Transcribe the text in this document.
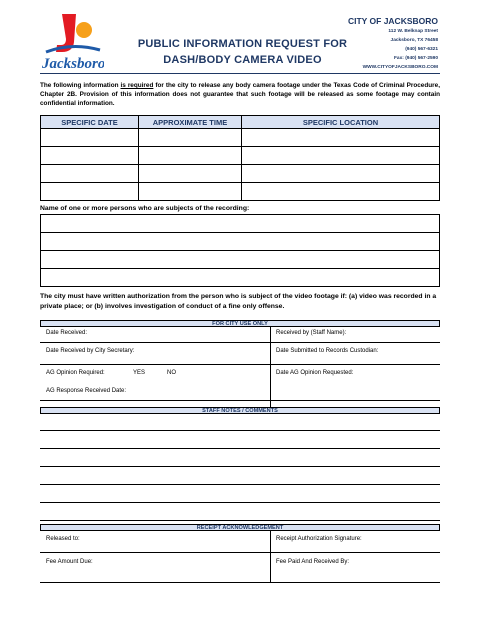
Jacksboro
PUBLIC INFORMATION REQUEST FOR
DASH/BODY CAMERA VIDEO
CITY OF JACKSBORO
112 W. Belknap Street
Jacksboro, TX 76458
(940) 567-6321
Fax: (940) 567-2590
WWW.CITYOFJACKSBORO.COM
The following information is required for the city to release any body camera footage under the Texas Code of Criminal Procedure, Chapter 2B. Provision of this information does not guarantee that such footage will be released as some footage may contain confidential information.
SPECIFIC DATE	APPROXIMATE TIME	SPECIFIC LOCATION

Name of one or more persons who are subjects of the recording:

The city must have written authorization from the person who is subject of the video footage if: (a) video was recorded in a private place; or (b) involves investigation of conduct of a fine only offense.
FOR CITY USE ONLY
Date Received:	Received by (Staff Name):
Date Received by City Secretary:	Date Submitted to Records Custodian:
AG Opinion Required:	YES	NO	Date AG Opinion Requested:
AG Response Received Date:
STAFF NOTES / COMMENTS
RECEIPT ACKNOWLEDGEMENT
Released to:	Receipt Authorization Signature:
Fee Amount Due:	Fee Paid And Received By:
